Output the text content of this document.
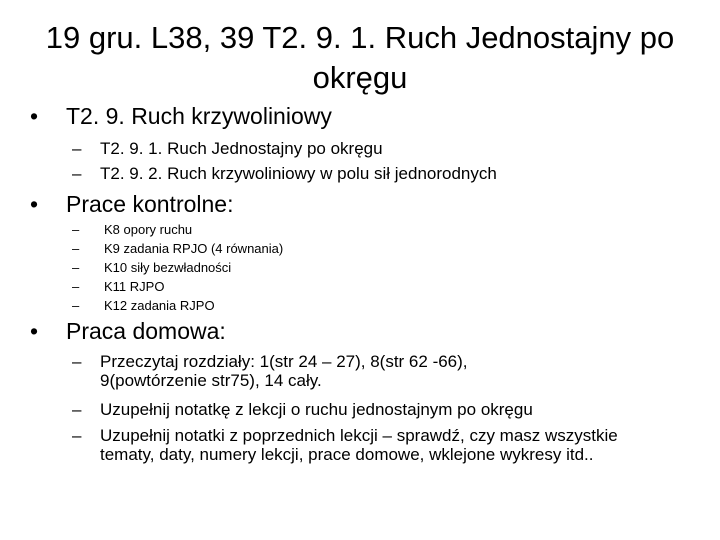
19 gru. L38, 39 T2. 9. 1. Ruch Jednostajny po okręgu
• T2. 9. Ruch krzywoliniowy
– T2. 9. 1. Ruch Jednostajny po okręgu
– T2. 9. 2. Ruch krzywoliniowy w polu sił jednorodnych
• Prace kontrolne:
– K8 opory ruchu
– K9 zadania RPJO (4 równania)
– K10 siły bezwładności
– K11 RJPO
– K12 zadania RJPO
• Praca domowa:
– Przeczytaj rozdziały: 1(str 24 – 27), 8(str 62 -66), 9(powtórzenie str75), 14 cały.
– Uzupełnij notatkę z lekcji o ruchu jednostajnym po okręgu
– Uzupełnij notatki z poprzednich lekcji – sprawdź, czy masz wszystkie tematy, daty, numery lekcji, prace domowe, wklejone wykresy itd..
